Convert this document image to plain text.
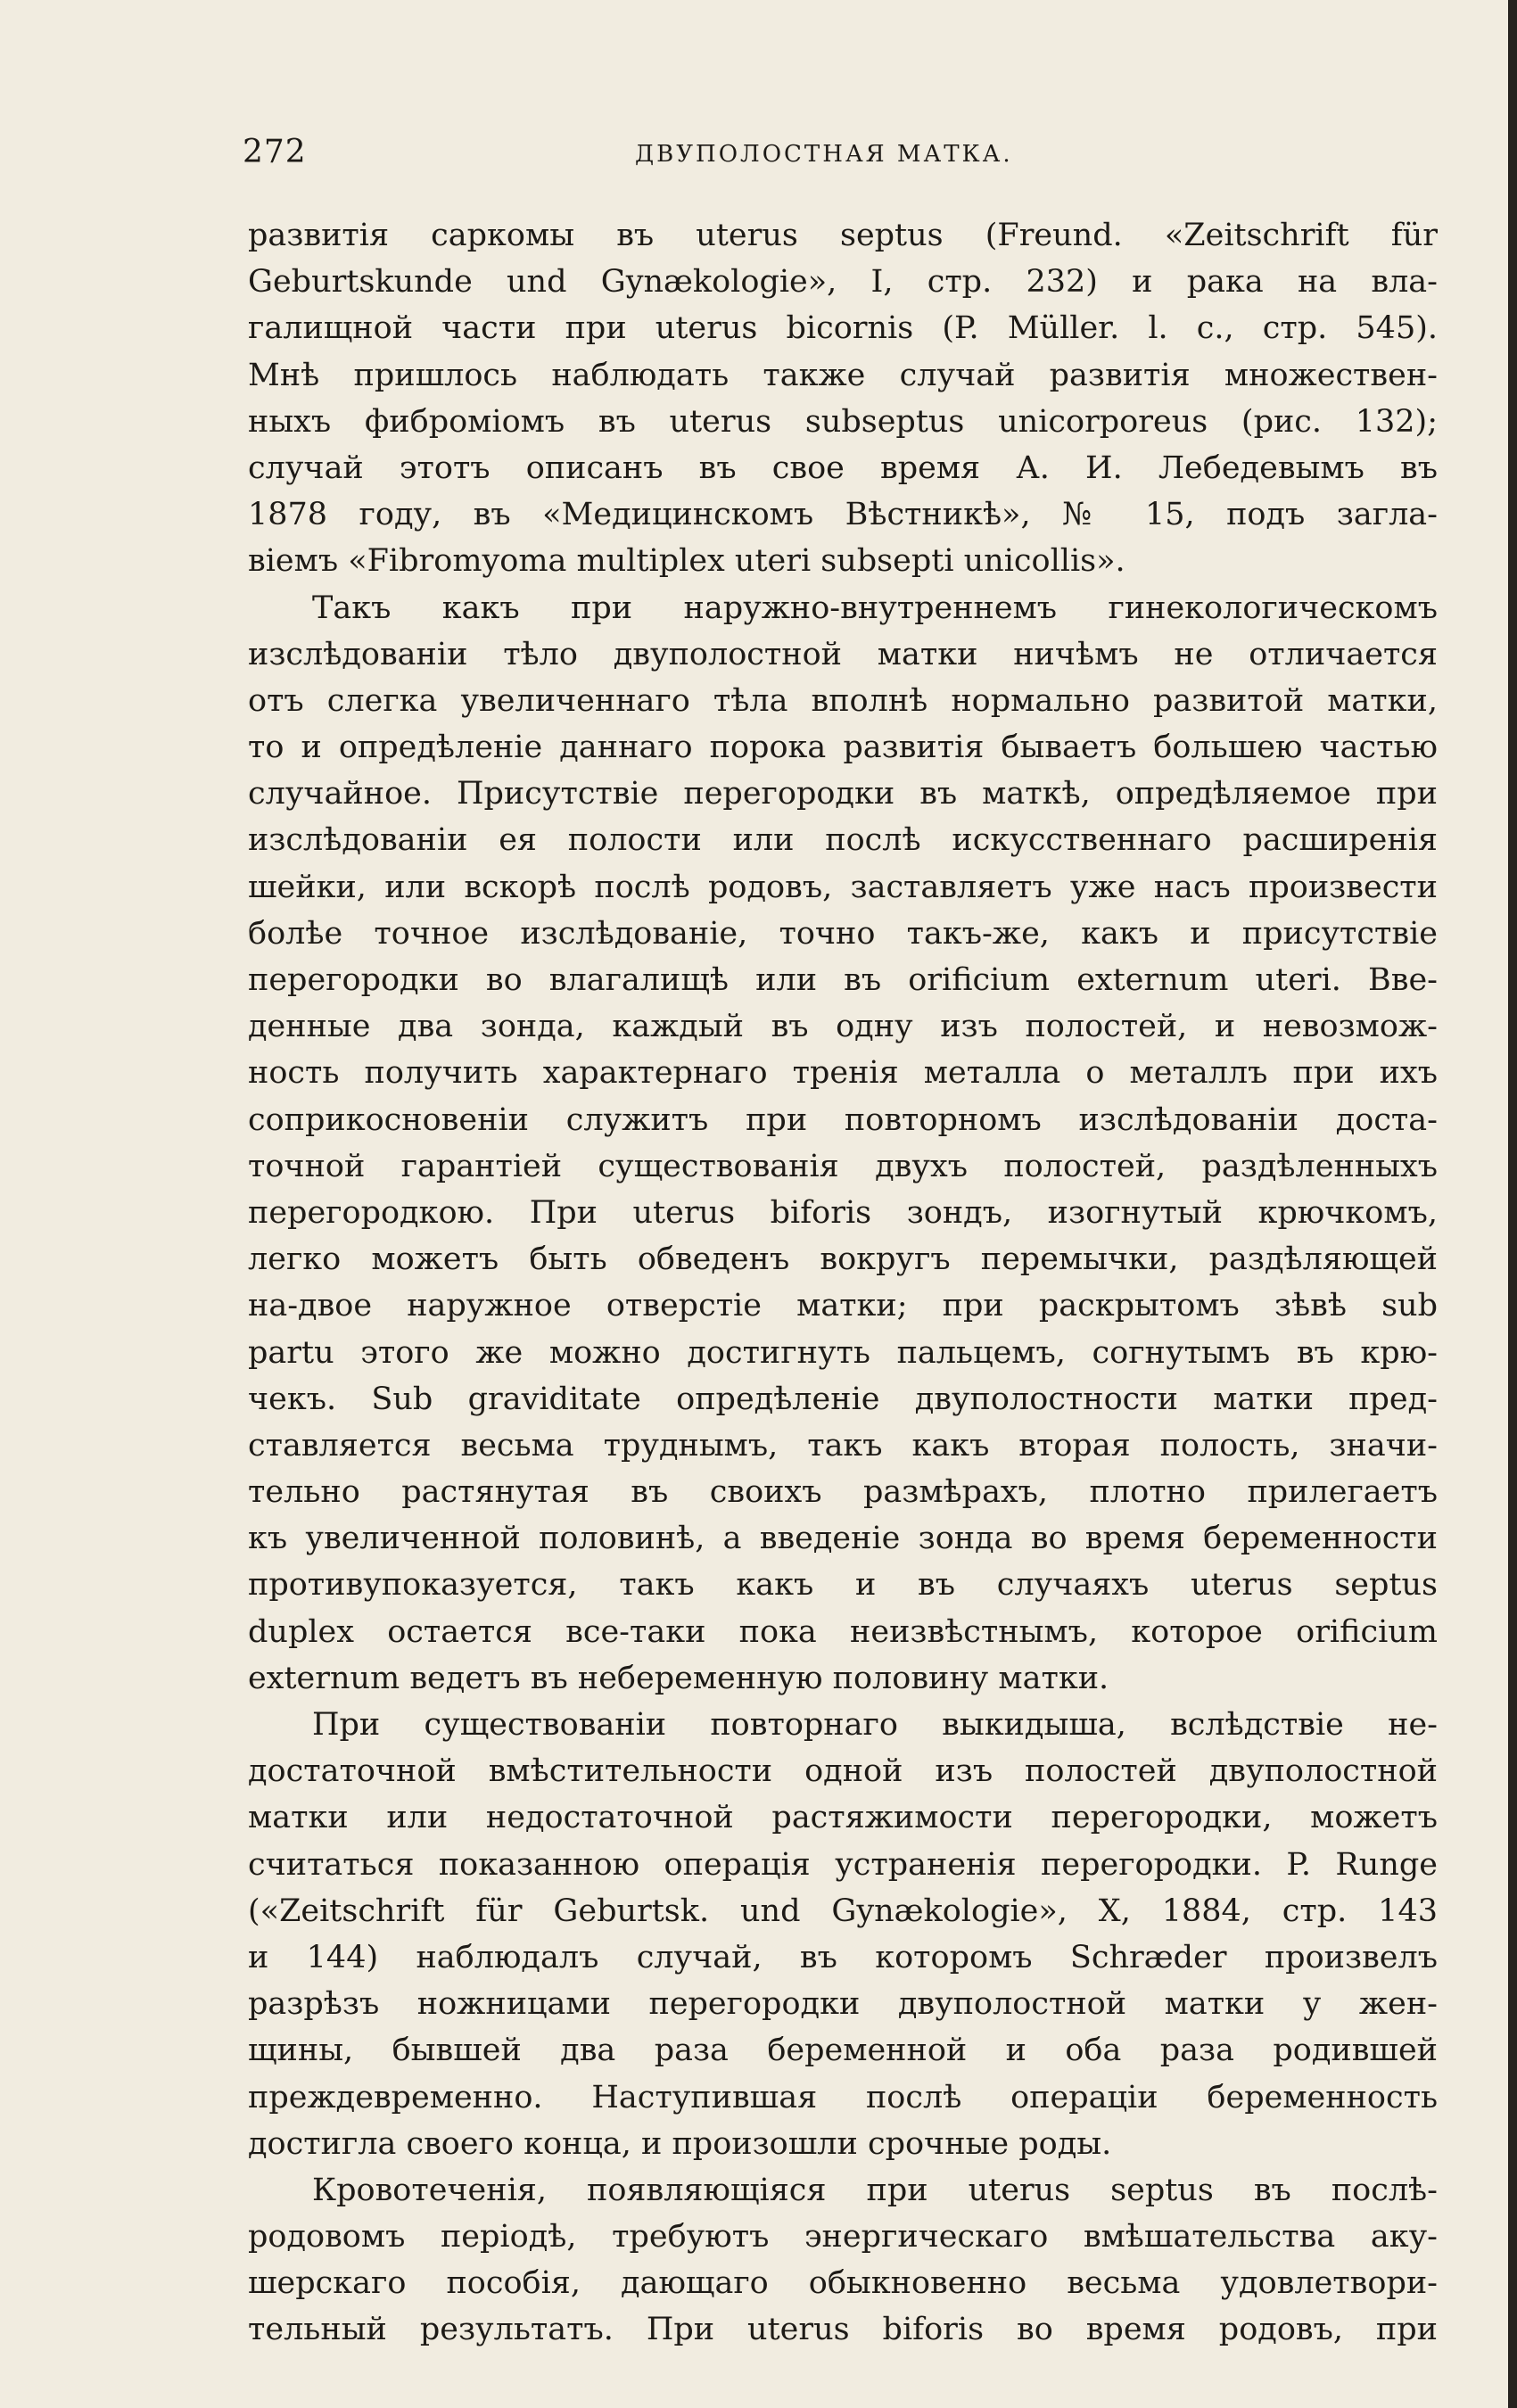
272	ДВУПОЛОСТНАЯ МАТКА.
развитія саркомы въ uterus septus (Freund. «Zeitschrift für
Geburtskunde und Gynækologie», I, стр. 232) и рака на вла-
галищной части при uterus bicornis (P. Müller. l. c., стр. 545).
Мнѣ пришлось наблюдать также случай развитія множествен-
ныхъ фиброміомъ въ uterus subseptus unicorporeus (рис. 132);
случай этотъ описанъ въ свое время А. И. Лебедевымъ въ
1878 году, въ «Медицинскомъ Вѣстникѣ», № 15, подъ загла-
віемъ «Fibromyoma multiplex uteri subsepti unicollis».
Такъ какъ при наружно-внутреннемъ гинекологическомъ
изслѣдованіи тѣло двуполостной матки ничѣмъ не отличается
отъ слегка увеличеннаго тѣла вполнѣ нормально развитой матки,
то и опредѣленіе даннаго порока развитія бываетъ большею частью
случайное. Присутствіе перегородки въ маткѣ, опредѣляемое при
изслѣдованіи ея полости или послѣ искусственнаго расширенія
шейки, или вскорѣ послѣ родовъ, заставляетъ уже насъ произвести
болѣе точное изслѣдованіе, точно такъ-же, какъ и присутствіе
перегородки во влагалищѣ или въ orificium externum uteri. Вве-
денные два зонда, каждый въ одну изъ полостей, и невозмож-
ность получить характернаго тренія металла о металлъ при ихъ
соприкосновеніи служитъ при повторномъ изслѣдованіи доста-
точной гарантіей существованія двухъ полостей, раздѣленныхъ
перегородкою. При uterus biforis зондъ, изогнутый крючкомъ,
легко можетъ быть обведенъ вокругъ перемычки, раздѣляющей
на-двое наружное отверстіе матки; при раскрытомъ зѣвѣ sub
partu этого же можно достигнуть пальцемъ, согнутымъ въ крю-
чекъ. Sub graviditate опредѣленіе двуполостности матки пред-
ставляется весьма труднымъ, такъ какъ вторая полость, значи-
тельно растянутая въ своихъ размѣрахъ, плотно прилегаетъ
къ увеличенной половинѣ, а введеніе зонда во время беременности
противупоказуется, такъ какъ и въ случаяхъ uterus septus
duplex остается все-таки пока неизвѣстнымъ, которое orificium
externum ведетъ въ небеременную половину матки.
При существованіи повторнаго выкидыша, вслѣдствіе не-
достаточной вмѣстительности одной изъ полостей двуполостной
матки или недостаточной растяжимости перегородки, можетъ
считаться показанною операція устраненія перегородки. P. Runge
(«Zeitschrift für Geburtsk. und Gynækologie», X, 1884, стр. 143
и 144) наблюдалъ случай, въ которомъ Schræder произвелъ
разрѣзъ ножницами перегородки двуполостной матки у жен-
щины, бывшей два раза беременной и оба раза родившей
преждевременно. Наступившая послѣ операціи беременность
достигла своего конца, и произошли срочные роды.
Кровотеченія, появляющіяся при uterus septus въ послѣ-
родовомъ періодѣ, требуютъ энергическаго вмѣшательства аку-
шерскаго пособія, дающаго обыкновенно весьма удовлетвори-
тельный результатъ. При uterus biforis во время родовъ, при
